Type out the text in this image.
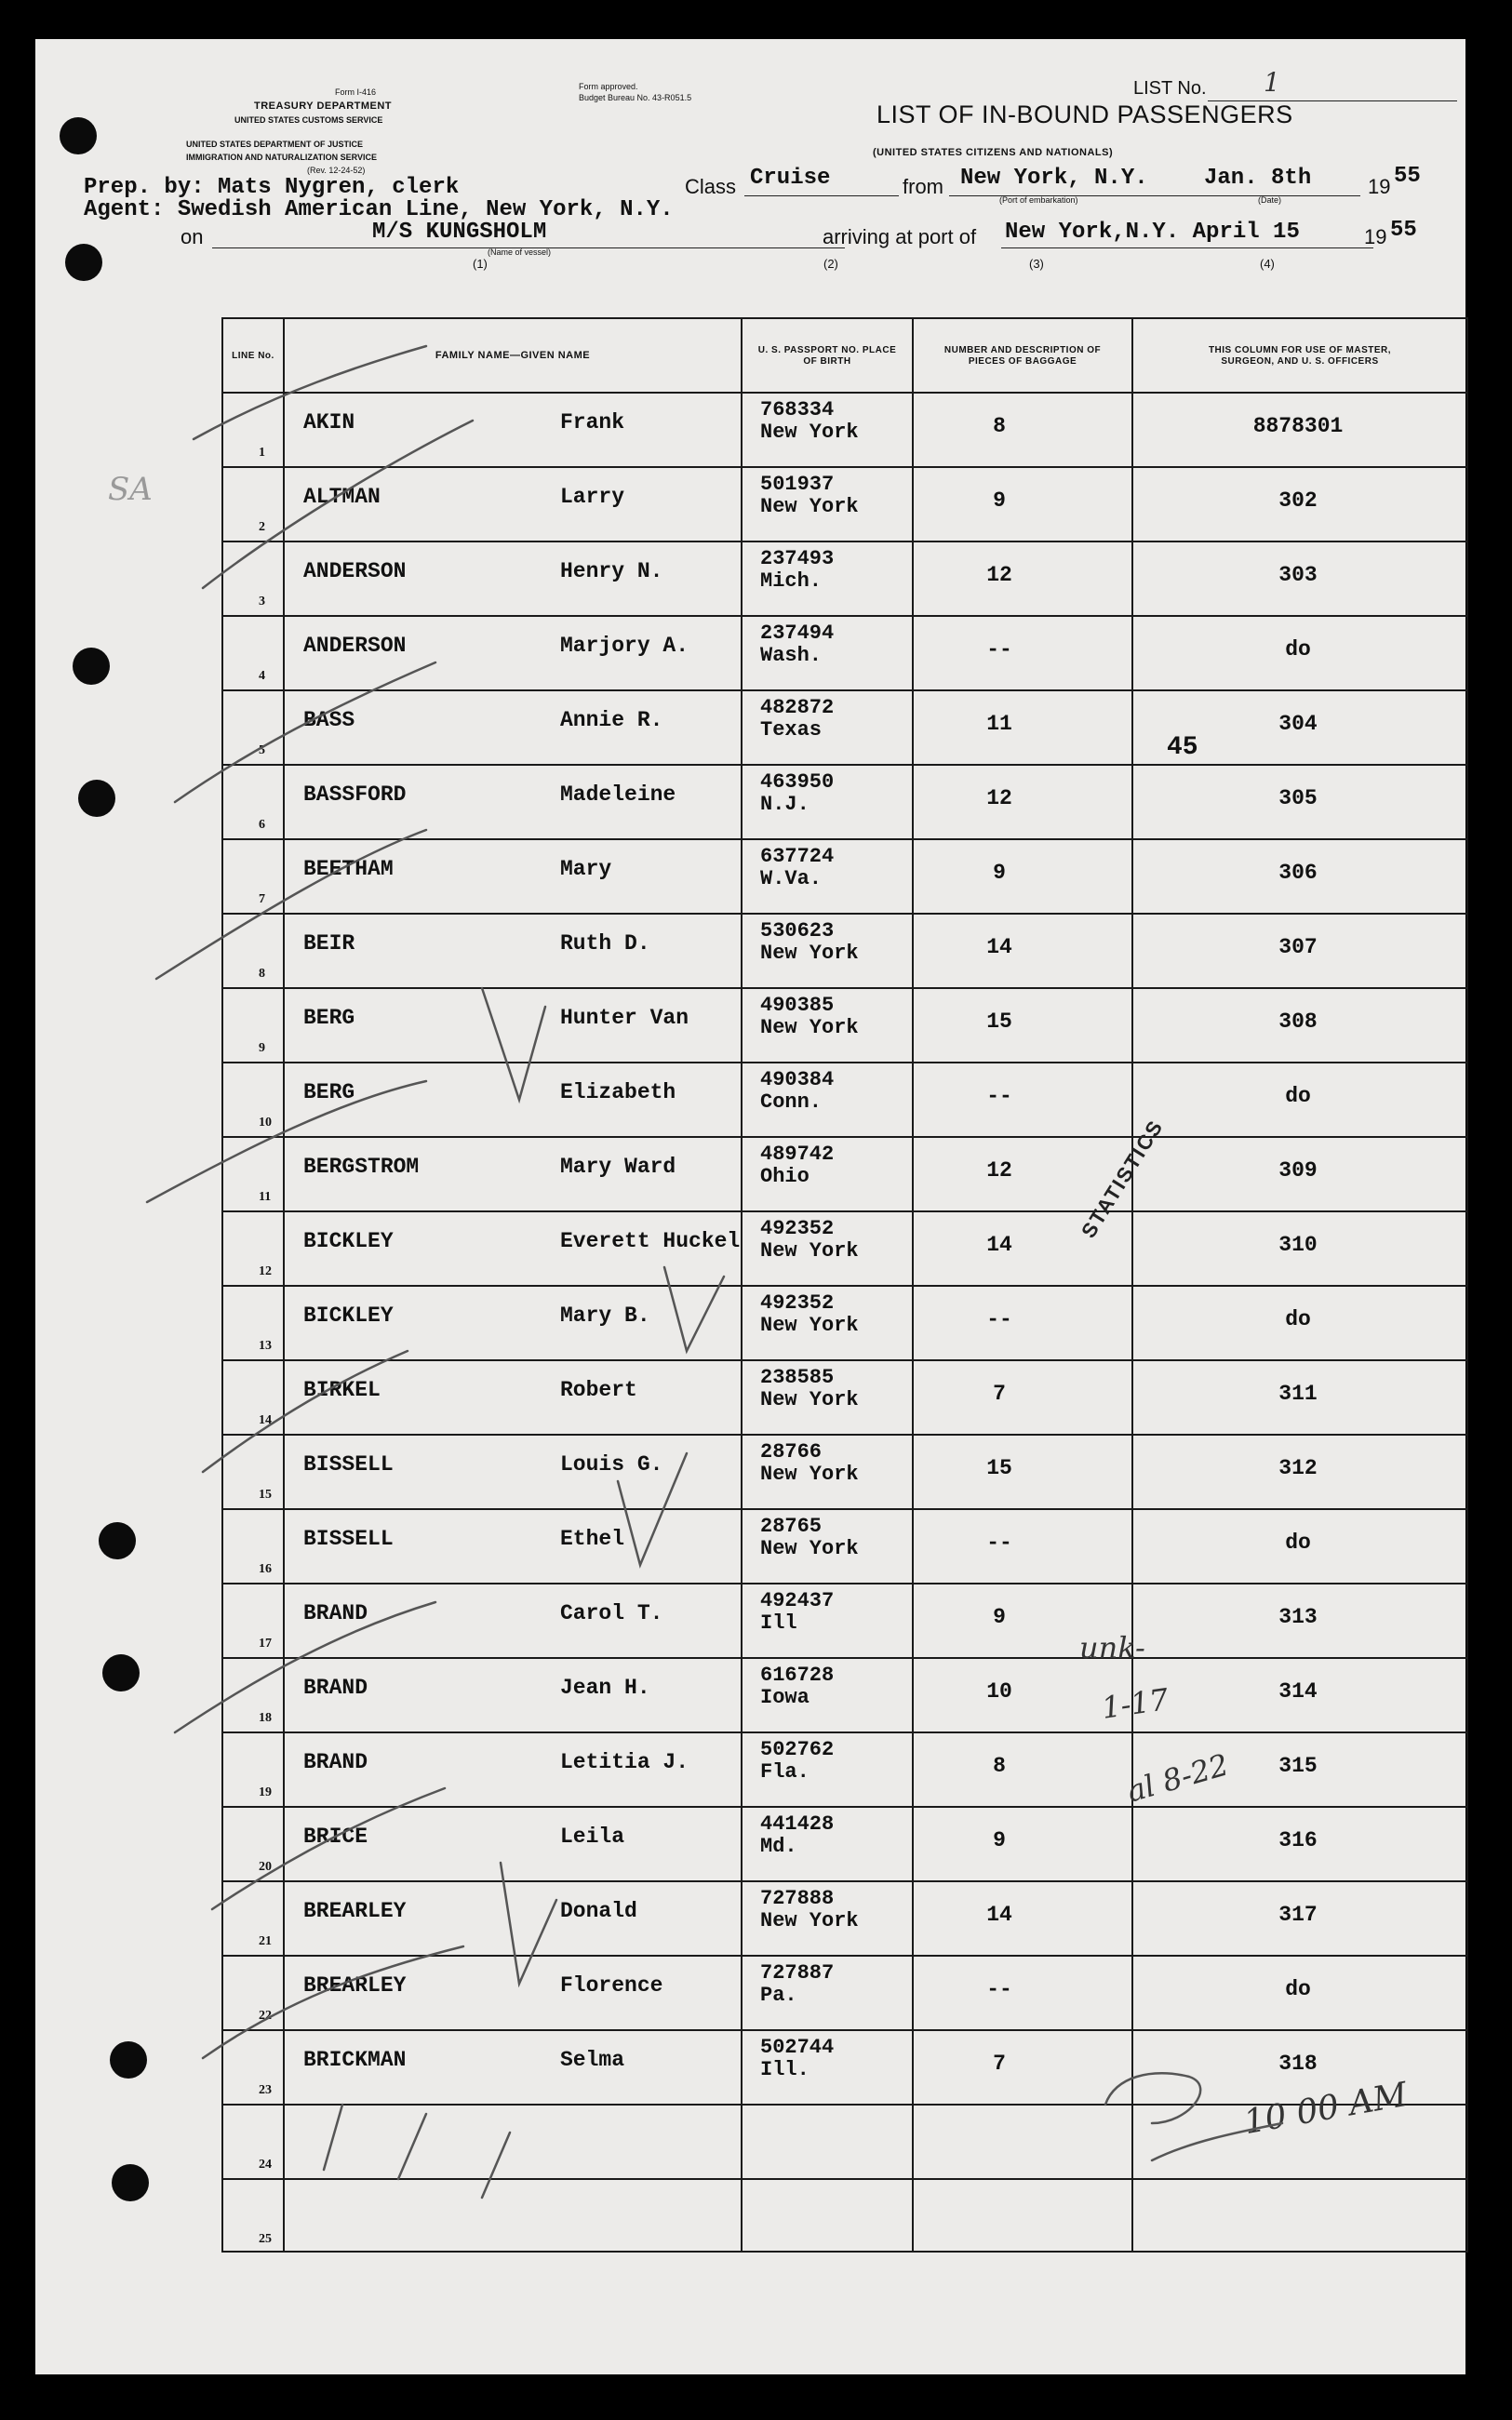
Form I-416
TREASURY DEPARTMENT
UNITED STATES CUSTOMS SERVICE
UNITED STATES DEPARTMENT OF JUSTICE
IMMIGRATION AND NATURALIZATION SERVICE
(Rev. 12-24-52)
Form approved.
Budget Bureau No. 43-R051.5	LIST No. 1
LIST OF IN-BOUND PASSENGERS
(UNITED STATES CITIZENS AND NATIONALS)
Prep. by: Mats Nygren, clerk
Agent: Swedish American Line, New York, N.Y.
Class Cruise	from New York, N.Y.
(Port of embarkation)
Jan. 8th
(Date)
19 55
on	M/S KUNGSHOLM
(Name of vessel)
arriving at port of New York,N.Y. April 15	19 55
(1)	(2)	(3)	(4)
LINE No.	FAMILY NAME—GIVEN NAME	U. S. PASSPORT NO. PLACE OF BIRTH
NUMBER AND DESCRIPTION OF PIECES OF BAGGAGE
THIS COLUMN FOR USE OF MASTER, SURGEON, AND U. S. OFFICERS
1
AKIN	Frank
768334
New York	8	8878301
2
ALTMAN	Larry
501937
New York	9	302
3
ANDERSON	Henry N.
237493
Mich.	12	303
4
ANDERSON	Marjory A.
237494
Wash.	--	do
5
BASS	Annie R.
482872
Texas	11	304
6
BASSFORD	Madeleine
463950
N.J.	12	305
7
BEETHAM	Mary
637724
W.Va.	9	306
8
BEIR	Ruth D.
530623
New York	14	307
9
BERG	Hunter Van
490385
New York	15	308
10
BERG	Elizabeth
490384
Conn.	--	do
11
BERGSTROM	Mary Ward
489742
Ohio	12	309
12
BICKLEY	Everett Huckel
492352
New York	14	310
13
BICKLEY	Mary B.
492352
New York	--	do
14
BIRKEL	Robert
238585
New York	7	311
15
BISSELL	Louis G.
28766
New York	15	312
16
BISSELL	Ethel
28765
New York	--	do
17
BRAND	Carol T.
492437
Ill	9	313
18
BRAND	Jean H.
616728
Iowa	10	314
19
BRAND	Letitia J.
502762
Fla.	8	315
20
BRICE	Leila
441428
Md.	9	316
21
BREARLEY	Donald
727888
New York	14	317
22
BREARLEY	Florence
727887
Pa.	--	do
23
BRICKMAN	Selma
502744
Ill.	7	318
24
25
STATISTICS
45
unk-
1-17
al 8-22
10 00 AM
SA
